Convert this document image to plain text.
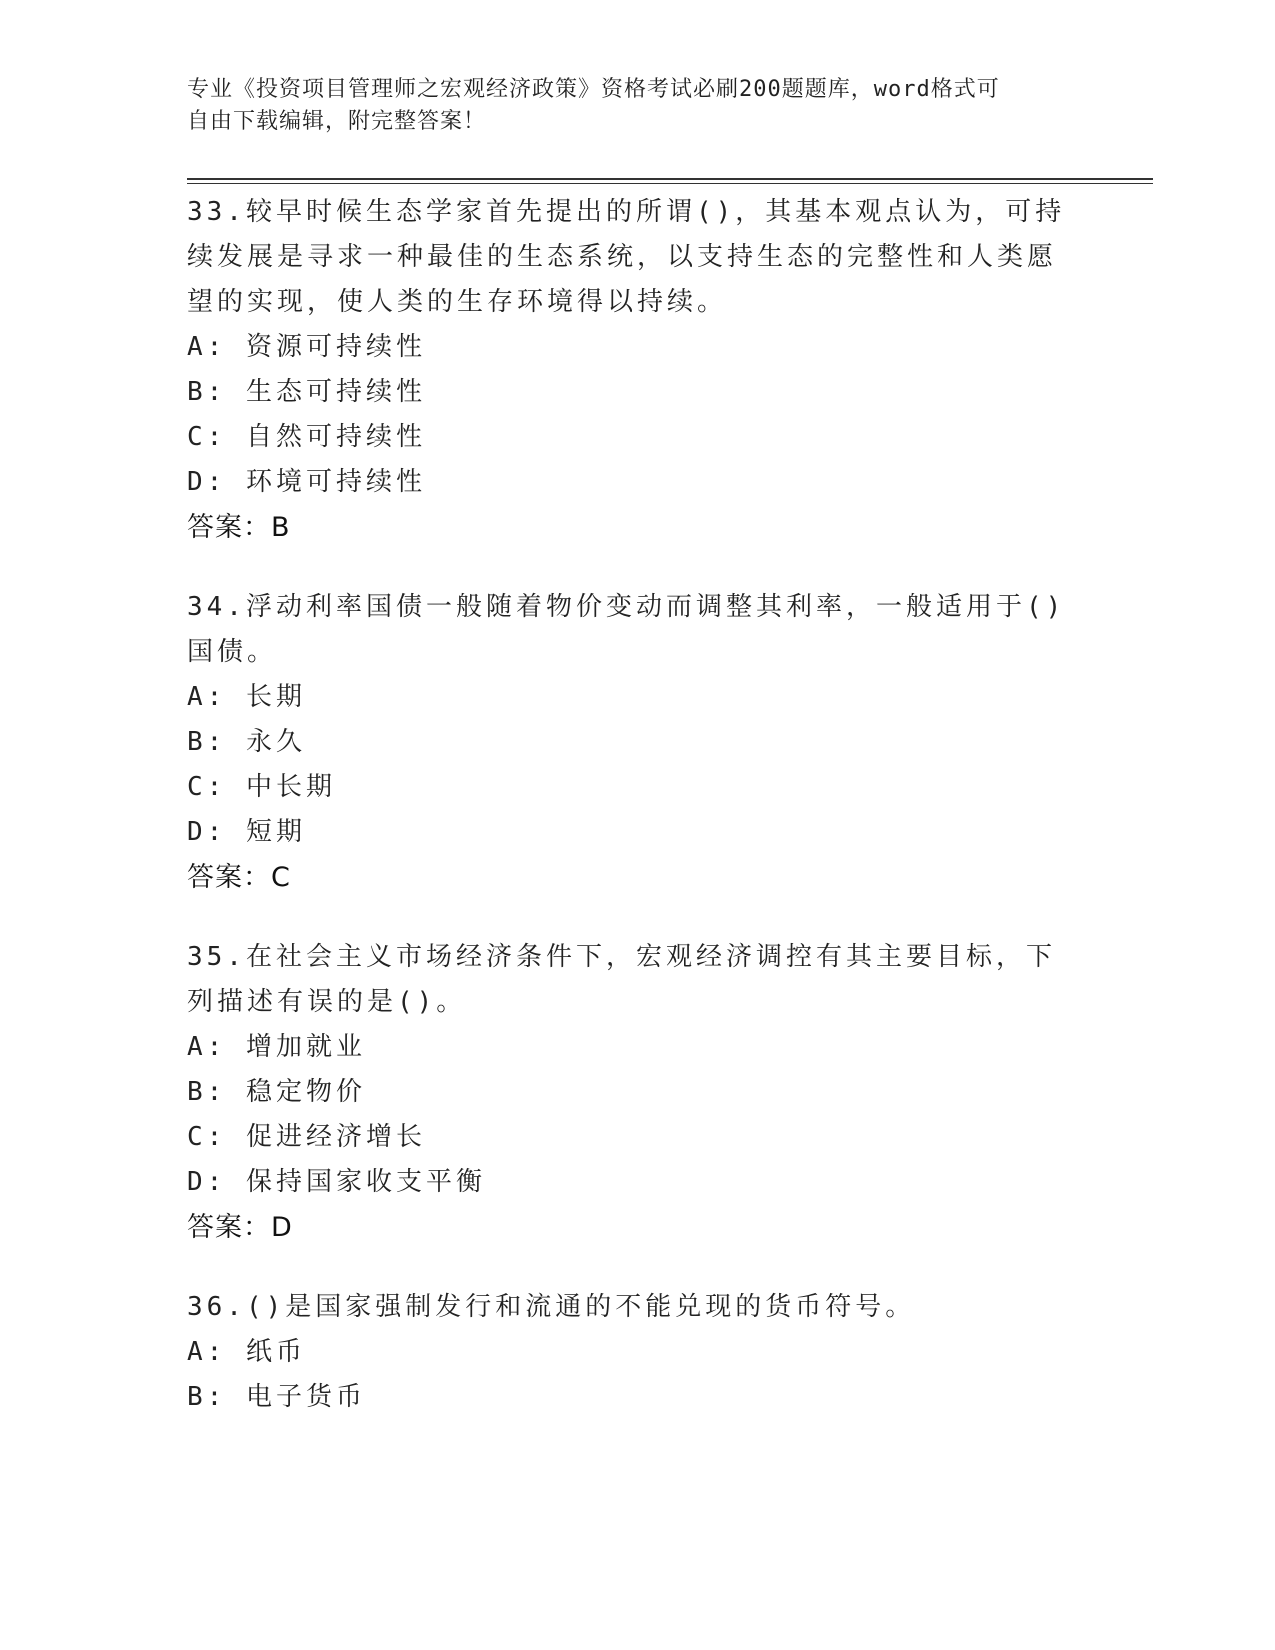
专业《投资项目管理师之宏观经济政策》资格考试必刷200题题库，word格式可
自由下载编辑，附完整答案！

33.较早时候生态学家首先提出的所谓()，其基本观点认为，可持续发展是寻求一种最佳的生态系统，以支持生态的完整性和人类愿望的实现，使人类的生存环境得以持续。

A: 资源可持续性

B: 生态可持续性

C: 自然可持续性

D: 环境可持续性

答案：B

34.浮动利率国债一般随着物价变动而调整其利率，一般适用于()国债。

A: 长期

B: 永久

C: 中长期

D: 短期

答案：C

35.在社会主义市场经济条件下，宏观经济调控有其主要目标，下列描述有误的是()。

A: 增加就业

B: 稳定物价

C: 促进经济增长

D: 保持国家收支平衡

答案：D

36.()是国家强制发行和流通的不能兑现的货币符号。

A: 纸币

B: 电子货币
